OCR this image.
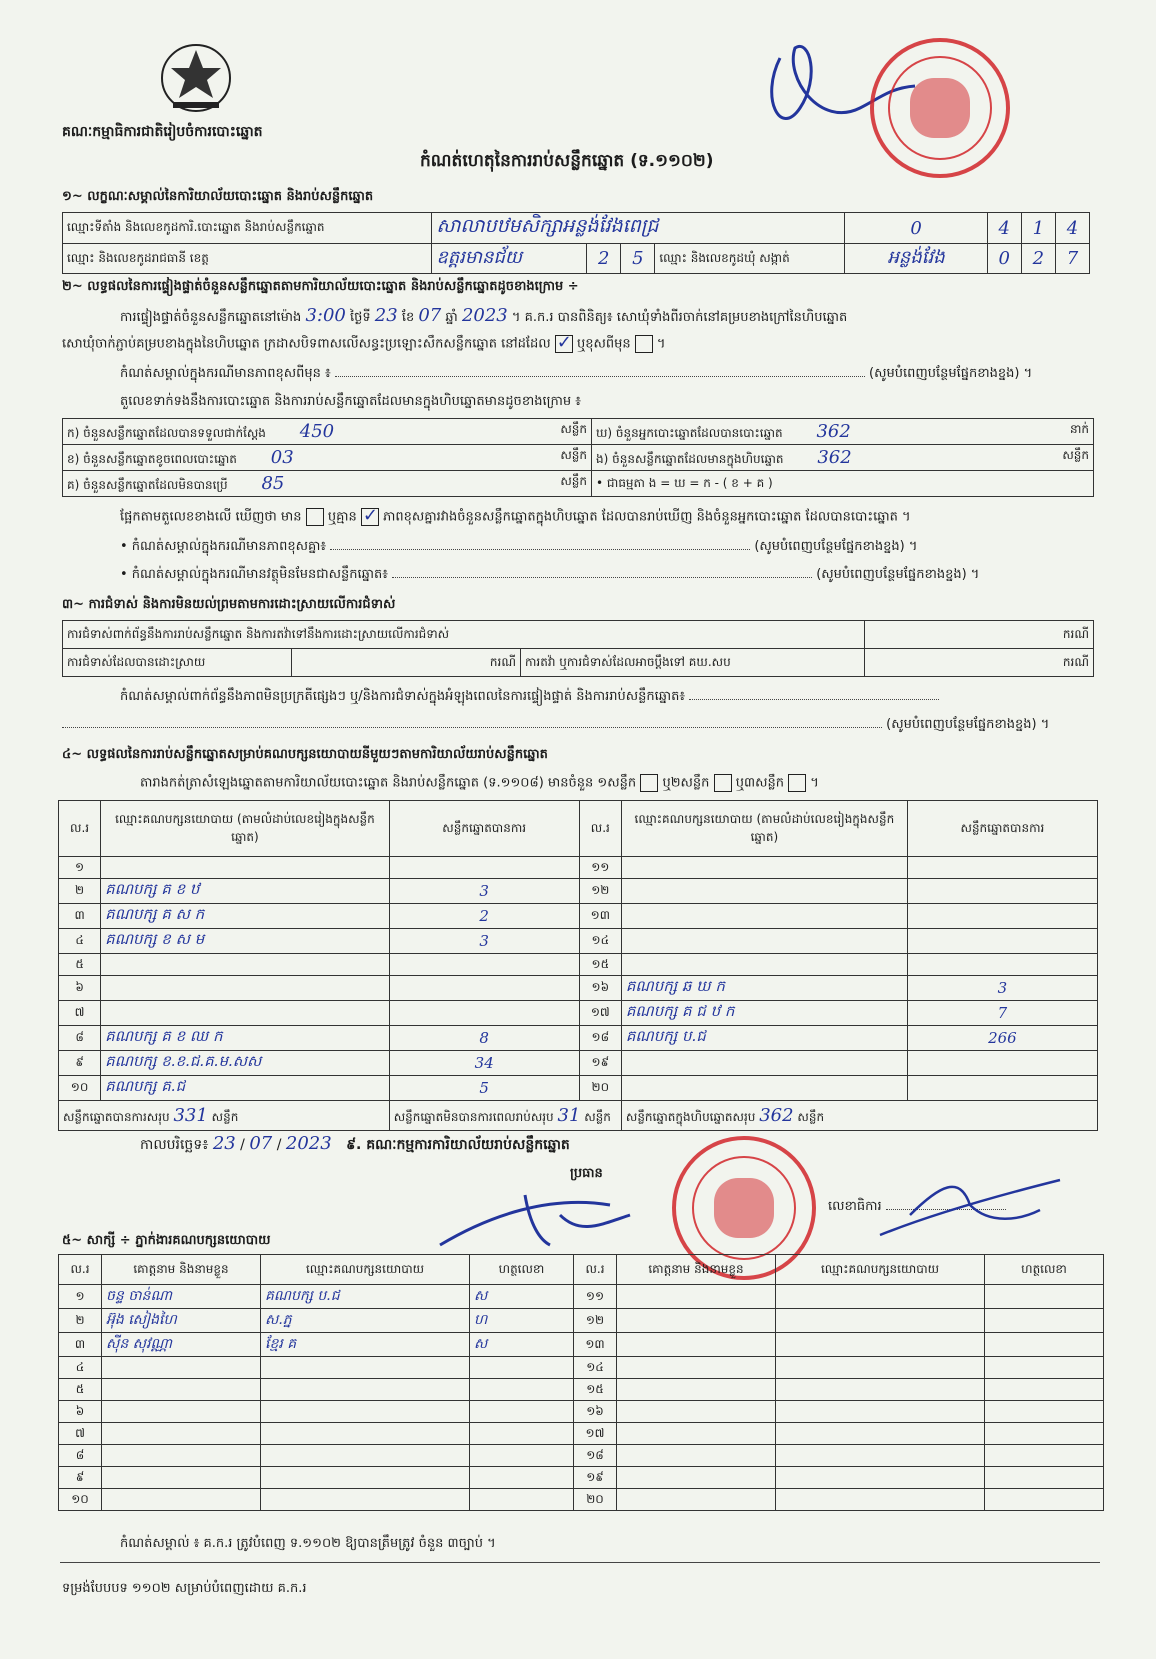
គណៈកម្មាធិការជាតិរៀបចំការបោះឆ្នោត
កំណត់ហេតុនៃការរាប់សន្លឹកឆ្នោត (ទ.១១០២)
១~ លក្ខណៈសម្គាល់នៃការិយាល័យបោះឆ្នោត និងរាប់សន្លឹកឆ្នោត
ឈ្មោះទីតាំង និងលេខកូដការិ.បោះឆ្នោត និងរាប់សន្លឹកឆ្នោត	សាលាបឋមសិក្សាអន្លង់វែងពេជ្រ				0	4	1	4
ឈ្មោះ និងលេខកូដរាជធានី ខេត្ត	ឧត្ដរមានជ័យ	2	5	ឈ្មោះ និងលេខកូដឃុំ សង្កាត់	អន្លង់វែង	0	2	7
២~ លទ្ធផលនៃការផ្ទៀងផ្ទាត់ចំនួនសន្លឹកឆ្នោតតាមការិយាល័យបោះឆ្នោត និងរាប់សន្លឹកឆ្នោតដូចខាងក្រោម ÷
ការផ្ទៀងផ្ទាត់ចំនួនសន្លឹកឆ្នោតនៅម៉ោង 3:00 ថ្ងៃទី 23 ខែ 07 ឆ្នាំ 2023 ។ គ.ក.រ បានពិនិត្យ៖ សោឃុំទាំងពីរចាក់នៅគម្របខាងក្រៅនៃហិបឆ្នោត
សោឃុំចាក់ភ្ជាប់គម្របខាងក្នុងនៃហិបឆ្នោត ក្រដាសបិទពាសលើសន្ធះប្រឡោះសឹកសន្លឹកឆ្នោត នៅដដែល ✓ ឬខុសពីមុន ។
កំណត់សម្គាល់ក្នុងករណីមានភាពខុសពីមុន ៖	(សូមបំពេញបន្ថែមផ្នែកខាងខ្នង) ។
តួលេខទាក់ទងនឹងការបោះឆ្នោត និងការរាប់សន្លឹកឆ្នោតដែលមានក្នុងហិបឆ្នោតមានដូចខាងក្រោម ៖
ក) ចំនួនសន្លឹកឆ្នោតដែលបានទទួលជាក់ស្ដែង 450 សន្លឹក	ឃ) ចំនួនអ្នកបោះឆ្នោតដែលបានបោះឆ្នោត 362 នាក់

ខ) ចំនួនសន្លឹកឆ្នោតខូចពេលបោះឆ្នោត 03 សន្លឹក	ង) ចំនួនសន្លឹកឆ្នោតដែលមានក្នុងហិបឆ្នោត 362 សន្លឹក

គ) ចំនួនសន្លឹកឆ្នោតដែលមិនបានប្រើ 85 សន្លឹក	• ជាធម្មតា ង = ឃ = ក - ( ខ + គ )
ផ្អែកតាមតួលេខខាងលើ ឃើញថា មាន ឬគ្មាន ✓ ភាពខុសគ្នារវាងចំនួនសន្លឹកឆ្នោតក្នុងហិបឆ្នោត ដែលបានរាប់ឃើញ និងចំនួនអ្នកបោះឆ្នោត ដែលបានបោះឆ្នោត ។
• កំណត់សម្គាល់ក្នុងករណីមានភាពខុសគ្នា៖	(សូមបំពេញបន្ថែមផ្នែកខាងខ្នង) ។
• កំណត់សម្គាល់ក្នុងករណីមានវត្ថុមិនមែនជាសន្លឹកឆ្នោត៖	(សូមបំពេញបន្ថែមផ្នែកខាងខ្នង) ។
៣~ ការជំទាស់ និងការមិនយល់ព្រមតាមការដោះស្រាយលើការជំទាស់
ការជំទាស់ពាក់ព័ន្ធនឹងការរាប់សន្លឹកឆ្នោត និងការតវ៉ាទៅនឹងការដោះស្រាយលើការជំទាស់			ករណី
ការជំទាស់ដែលបានដោះស្រាយ	ករណី	ការតវ៉ា ឬការជំទាស់ដែលអាចប្ដឹងទៅ គឃ.សប	ករណី
កំណត់សម្គាល់ពាក់ព័ន្ធនឹងភាពមិនប្រក្រតីផ្សេងៗ ឬ/និងការជំទាស់ក្នុងអំឡុងពេលនៃការផ្ទៀងផ្ទាត់ និងការរាប់សន្លឹកឆ្នោត៖
(សូមបំពេញបន្ថែមផ្នែកខាងខ្នង) ។
៤~ លទ្ធផលនៃការរាប់សន្លឹកឆ្នោតសម្រាប់គណបក្សនយោបាយនីមួយៗតាមការិយាល័យរាប់សន្លឹកឆ្នោត
តារាងកត់ត្រាសំឡេងឆ្នោតតាមការិយាល័យបោះឆ្នោត និងរាប់សន្លឹកឆ្នោត (ទ.១១០៨) មានចំនួន ១សន្លឹក ឬ២សន្លឹក ឬ៣សន្លឹក ។
ល.រ	ឈ្មោះគណបក្សនយោបាយ (តាមលំដាប់លេខរៀងក្នុងសន្លឹកឆ្នោត)	សន្លឹកឆ្នោតបានការ	ល.រ	ឈ្មោះគណបក្សនយោបាយ (តាមលំដាប់លេខរៀងក្នុងសន្លឹកឆ្នោត)	សន្លឹកឆ្នោតបានការ
១			១១		
២	គណបក្ស គ ខ ឋ	3	១២		
៣	គណបក្ស គ ស ក	2	១៣		
៤	គណបក្ស ខ ស ម	3	១៤		
៥			១៥		
៦			១៦	គណបក្ស ឆ ឃ ក	3
៧			១៧	គណបក្ស គ ជ ឋ ក	7
៨	គណបក្ស គ ខ ឈ ក	8	១៨	គណបក្ស ប.ជ	266
៩	គណបក្ស ខ.ខ.ជ.គ.ម.សស	34	១៩		
១០	គណបក្ស គ.ជ	5	២០		
សន្លឹកឆ្នោតបានការសរុប 331 សន្លឹក		សន្លឹកឆ្នោតមិនបានការពេលរាប់សរុប 31 សន្លឹក		សន្លឹកឆ្នោតក្នុងហិបឆ្នោតសរុប 362 សន្លឹក	
កាលបរិច្ឆេទ៖ 23 / 07 / 2023 ៩. គណៈកម្មការការិយាល័យរាប់សន្លឹកឆ្នោត
ប្រធាន
លេខាធិការ
៥~ សាក្សី ÷ ភ្នាក់ងារគណបក្សនយោបាយ
ល.រ	គោត្តនាម និងនាមខ្លួន	ឈ្មោះគណបក្សនយោបាយ	ហត្ថលេខា	ល.រ	គោត្តនាម និងនាមខ្លួន	ឈ្មោះគណបក្សនយោបាយ	ហត្ថលេខា
១	ចន្ទ ចាន់ណា	គណបក្ស ប.ជ	ស	១១			
២	អ៊ុង សៀងហៃ	ស.ភ្ន	ហ	១២			
៣	ស៊ីន សុវណ្ណា	ខ្មែរ គ	ស	១៣			
៤				១៤			
៥				១៥			
៦				១៦			
៧				១៧			
៨				១៨			
៩				១៩			
១០				២០			
កំណត់សម្គាល់ ៖ គ.ក.រ ត្រូវបំពេញ ទ.១១០២ ឱ្យបានត្រឹមត្រូវ ចំនួន ៣ច្បាប់ ។
ទម្រង់បែបបទ ១១០២ សម្រាប់បំពេញដោយ គ.ក.រ
